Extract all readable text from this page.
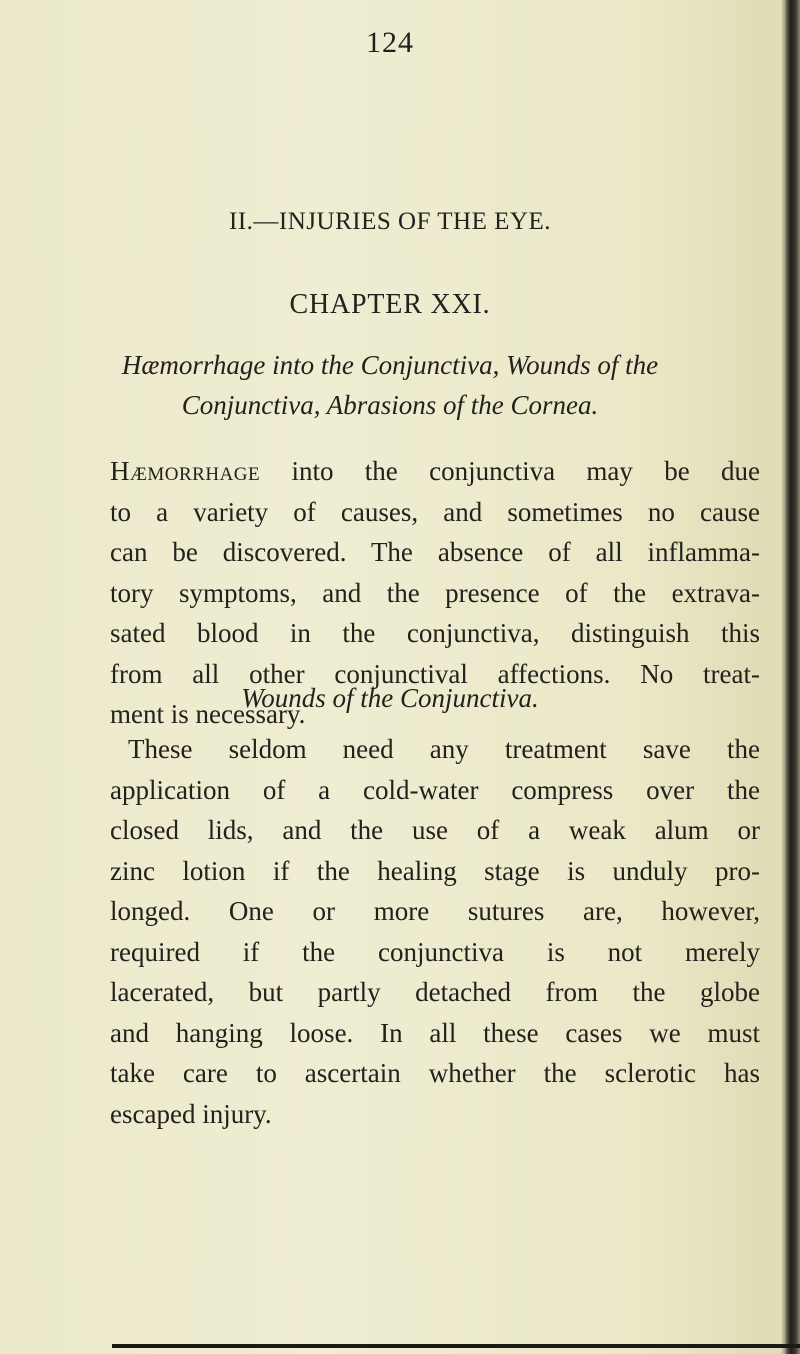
124
II.—INJURIES OF THE EYE.
CHAPTER XXI.
Hæmorrhage into the Conjunctiva, Wounds of the
Conjunctiva, Abrasions of the Cornea.
Hæmorrhage into the conjunctiva may be due
to a variety of causes, and sometimes no cause
can be discovered. The absence of all inflamma-
tory symptoms, and the presence of the extrava-
sated blood in the conjunctiva, distinguish this
from all other conjunctival affections. No treat-
ment is necessary.
Wounds of the Conjunctiva.
These seldom need any treatment save the
application of a cold-water compress over the
closed lids, and the use of a weak alum or
zinc lotion if the healing stage is unduly pro-
longed. One or more sutures are, however,
required if the conjunctiva is not merely
lacerated, but partly detached from the globe
and hanging loose. In all these cases we must
take care to ascertain whether the sclerotic has
escaped injury.
